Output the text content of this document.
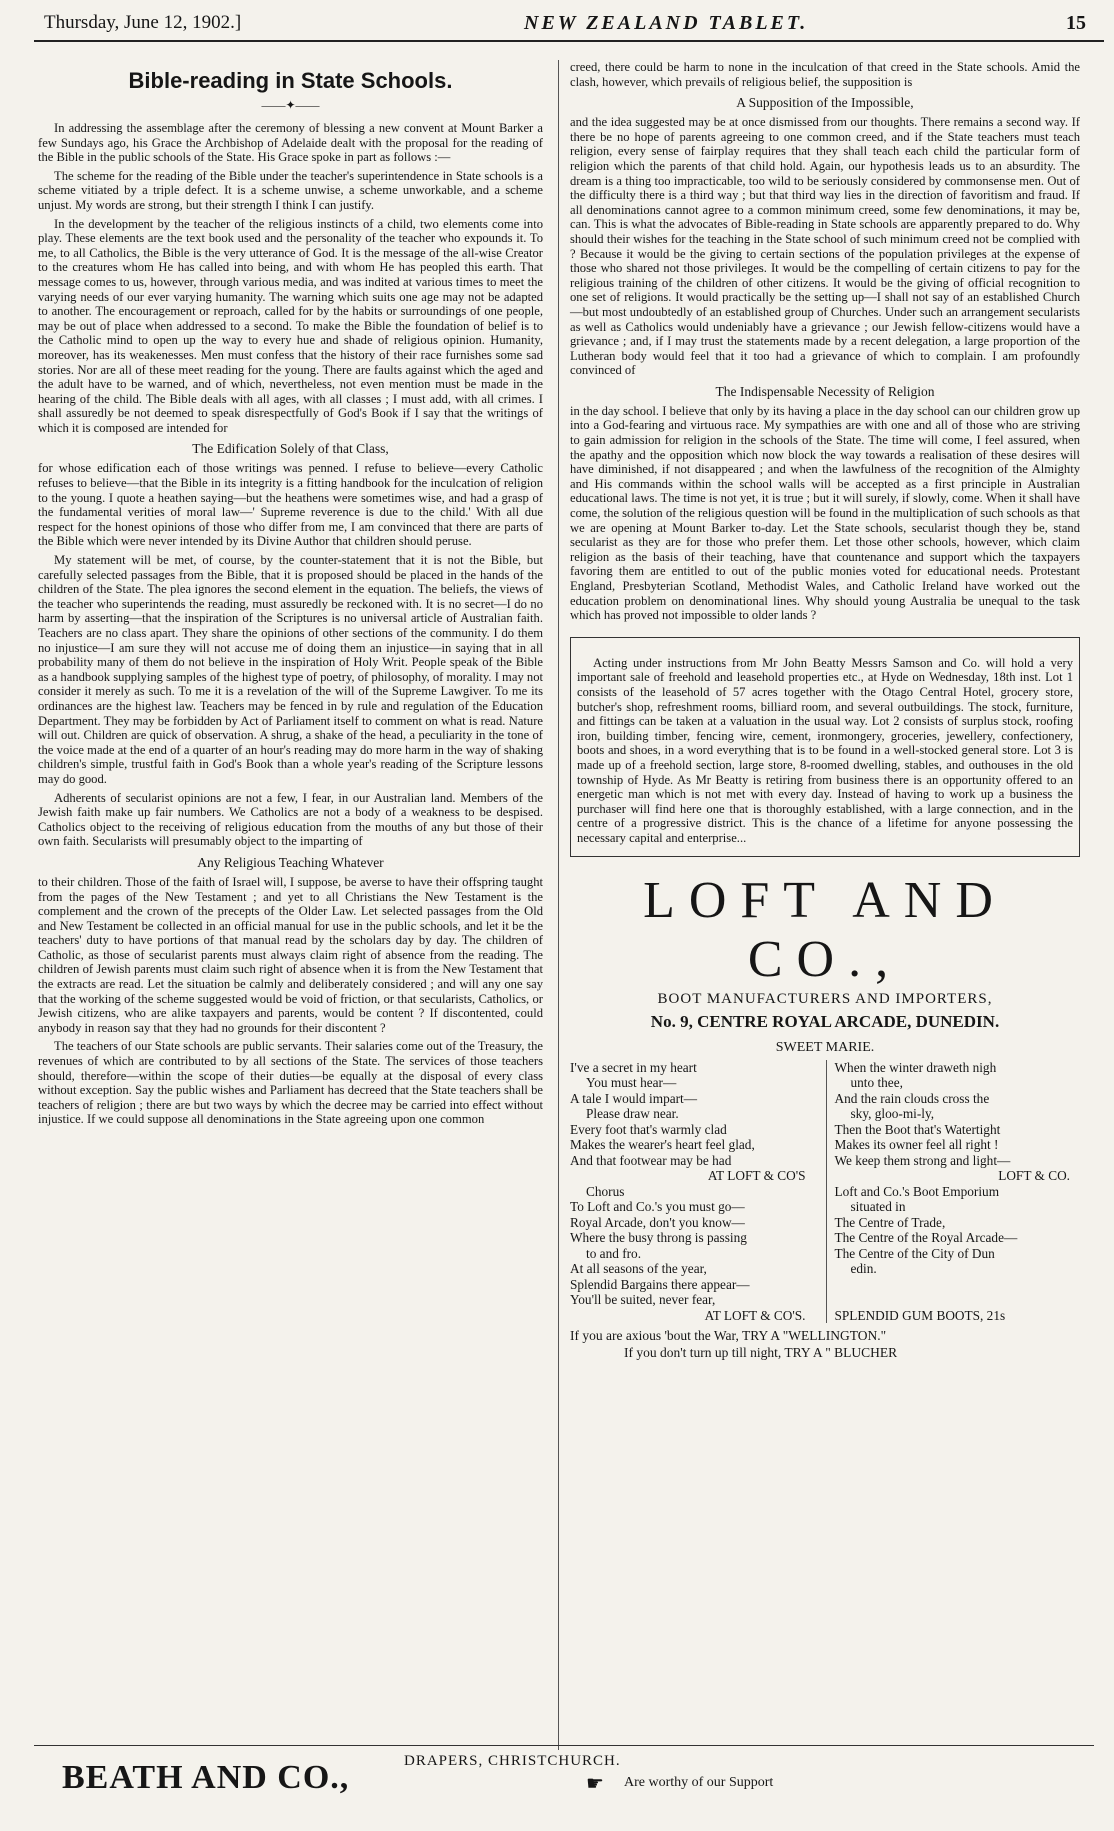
Thursday, June 12, 1902.]	NEW ZEALAND TABLET.	15
Bible-reading in State Schools.
——✦——

In addressing the assemblage after the ceremony of blessing a new convent at Mount Barker a few Sundays ago, his Grace the Archbishop of Adelaide dealt with the proposal for the reading of the Bible in the public schools of the State. His Grace spoke in part as follows :—

The scheme for the reading of the Bible under the teacher's superintendence in State schools is a scheme vitiated by a triple defect. It is a scheme unwise, a scheme unworkable, and a scheme unjust. My words are strong, but their strength I think I can justify.

In the development by the teacher of the religious instincts of a child, two elements come into play. These elements are the text book used and the personality of the teacher who expounds it. To me, to all Catholics, the Bible is the very utterance of God. It is the message of the all-wise Creator to the creatures whom He has called into being, and with whom He has peopled this earth. That message comes to us, however, through various media, and was indited at various times to meet the varying needs of our ever varying humanity. The warning which suits one age may not be adapted to another. The encouragement or reproach, called for by the habits or surroundings of one people, may be out of place when addressed to a second. To make the Bible the foundation of belief is to the Catholic mind to open up the way to every hue and shade of religious opinion. Humanity, moreover, has its weakenesses. Men must confess that the history of their race furnishes some sad stories. Nor are all of these meet reading for the young. There are faults against which the aged and the adult have to be warned, and of which, nevertheless, not even mention must be made in the hearing of the child. The Bible deals with all ages, with all classes ; I must add, with all crimes. I shall assuredly be not deemed to speak disrespectfully of God's Book if I say that the writings of which it is composed are intended for

The Edification Solely of that Class,

for whose edification each of those writings was penned. I refuse to believe—every Catholic refuses to believe—that the Bible in its integrity is a fitting handbook for the inculcation of religion to the young. I quote a heathen saying—but the heathens were sometimes wise, and had a grasp of the fundamental verities of moral law—' Supreme reverence is due to the child.' With all due respect for the honest opinions of those who differ from me, I am convinced that there are parts of the Bible which were never intended by its Divine Author that children should peruse.

My statement will be met, of course, by the counter-statement that it is not the Bible, but carefully selected passages from the Bible, that it is proposed should be placed in the hands of the children of the State. The plea ignores the second element in the equation. The beliefs, the views of the teacher who superintends the reading, must assuredly be reckoned with. It is no secret—I do no harm by asserting—that the inspiration of the Scriptures is no universal article of Australian faith. Teachers are no class apart. They share the opinions of other sections of the community. I do them no injustice—I am sure they will not accuse me of doing them an injustice—in saying that in all probability many of them do not believe in the inspiration of Holy Writ. People speak of the Bible as a handbook supplying samples of the highest type of poetry, of philosophy, of morality. I may not consider it merely as such. To me it is a revelation of the will of the Supreme Lawgiver. To me its ordinances are the highest law. Teachers may be fenced in by rule and regulation of the Education Department. They may be forbidden by Act of Parliament itself to comment on what is read. Nature will out. Children are quick of observation. A shrug, a shake of the head, a peculiarity in the tone of the voice made at the end of a quarter of an hour's reading may do more harm in the way of shaking children's simple, trustful faith in God's Book than a whole year's reading of the Scripture lessons may do good.

Adherents of secularist opinions are not a few, I fear, in our Australian land. Members of the Jewish faith make up fair numbers. We Catholics are not a body of a weakness to be despised. Catholics object to the receiving of religious education from the mouths of any but those of their own faith. Secularists will presumably object to the imparting of

Any Religious Teaching Whatever

to their children. Those of the faith of Israel will, I suppose, be averse to have their offspring taught from the pages of the New Testament ; and yet to all Christians the New Testament is the complement and the crown of the precepts of the Older Law. Let selected passages from the Old and New Testament be collected in an official manual for use in the public schools, and let it be the teachers' duty to have portions of that manual read by the scholars day by day. The children of Catholic, as those of secularist parents must always claim right of absence from the reading. The children of Jewish parents must claim such right of absence when it is from the New Testament that the extracts are read. Let the situation be calmly and deliberately considered ; and will any one say that the working of the scheme suggested would be void of friction, or that secularists, Catholics, or Jewish citizens, who are alike taxpayers and parents, would be content ? If discontented, could anybody in reason say that they had no grounds for their discontent ?

The teachers of our State schools are public servants. Their salaries come out of the Treasury, the revenues of which are contributed to by all sections of the State. The services of those teachers should, therefore—within the scope of their duties—be equally at the disposal of every class without exception. Say the public wishes and Parliament has decreed that the State teachers shall be teachers of religion ; there are but two ways by which the decree may be carried into effect without injustice. If we could suppose all denominations in the State agreeing upon one common

creed, there could be harm to none in the inculcation of that creed in the State schools. Amid the clash, however, which prevails of religious belief, the supposition is

A Supposition of the Impossible,

and the idea suggested may be at once dismissed from our thoughts. There remains a second way. If there be no hope of parents agreeing to one common creed, and if the State teachers must teach religion, every sense of fairplay requires that they shall teach each child the particular form of religion which the parents of that child hold. Again, our hypothesis leads us to an absurdity. The dream is a thing too impracticable, too wild to be seriously considered by commonsense men. Out of the difficulty there is a third way ; but that third way lies in the direction of favoritism and fraud. If all denominations cannot agree to a common minimum creed, some few denominations, it may be, can. This is what the advocates of Bible-reading in State schools are apparently prepared to do. Why should their wishes for the teaching in the State school of such minimum creed not be complied with ? Because it would be the giving to certain sections of the population privileges at the expense of those who shared not those privileges. It would be the compelling of certain citizens to pay for the religious training of the children of other citizens. It would be the giving of official recognition to one set of religions. It would practically be the setting up—I shall not say of an established Church—but most undoubtedly of an established group of Churches. Under such an arrangement secularists as well as Catholics would undeniably have a grievance ; our Jewish fellow-citizens would have a grievance ; and, if I may trust the statements made by a recent delegation, a large proportion of the Lutheran body would feel that it too had a grievance of which to complain. I am profoundly convinced of

The Indispensable Necessity of Religion

in the day school. I believe that only by its having a place in the day school can our children grow up into a God-fearing and virtuous race. My sympathies are with one and all of those who are striving to gain admission for religion in the schools of the State. The time will come, I feel assured, when the apathy and the opposition which now block the way towards a realisation of these desires will have diminished, if not disappeared ; and when the lawfulness of the recognition of the Almighty and His commands within the school walls will be accepted as a first principle in Australian educational laws. The time is not yet, it is true ; but it will surely, if slowly, come. When it shall have come, the solution of the religious question will be found in the multiplication of such schools as that we are opening at Mount Barker to-day. Let the State schools, secularist though they be, stand secularist as they are for those who prefer them. Let those other schools, however, which claim religion as the basis of their teaching, have that countenance and support which the taxpayers favoring them are entitled to out of the public monies voted for educational needs. Protestant England, Presbyterian Scotland, Methodist Wales, and Catholic Ireland have worked out the education problem on denominational lines. Why should young Australia be unequal to the task which has proved not impossible to older lands ?

Acting under instructions from Mr John Beatty Messrs Samson and Co. will hold a very important sale of freehold and leasehold properties etc., at Hyde on Wednesday, 18th inst. Lot 1 consists of the leasehold of 57 acres together with the Otago Central Hotel, grocery store, butcher's shop, refreshment rooms, billiard room, and several outbuildings. The stock, furniture, and fittings can be taken at a valuation in the usual way. Lot 2 consists of surplus stock, roofing iron, building timber, fencing wire, cement, ironmongery, groceries, jewellery, confectionery, boots and shoes, in a word everything that is to be found in a well-stocked general store. Lot 3 is made up of a freehold section, large store, 8-roomed dwelling, stables, and outhouses in the old township of Hyde. As Mr Beatty is retiring from business there is an opportunity offered to an energetic man which is not met with every day. Instead of having to work up a business the purchaser will find here one that is thoroughly established, with a large connection, and in the centre of a progressive district. This is the chance of a lifetime for anyone possessing the necessary capital and enterprise...

LOFT AND CO.,
BOOT MANUFACTURERS AND IMPORTERS,
No. 9, CENTRE ROYAL ARCADE, DUNEDIN.
SWEET MARIE.
I've a secret in my heart
You must hear—
A tale I would impart—
Please draw near.
Every foot that's warmly clad
Makes the wearer's heart feel glad,
And that footwear may be had
AT LOFT & CO'S
Chorus
To Loft and Co.'s you must go—
Royal Arcade, don't you know—
Where the busy throng is passing
to and fro.
At all seasons of the year,
Splendid Bargains there appear—
You'll be suited, never fear,
AT LOFT & CO'S.
When the winter draweth nigh
unto thee,
And the rain clouds cross the
sky, gloo-mi-ly,
Then the Boot that's Watertight
Makes its owner feel all right !
We keep them strong and light—
LOFT & CO.
Loft and Co.'s Boot Emporium
situated in
The Centre of Trade,
The Centre of the Royal Arcade—
The Centre of the City of Dun
edin.

SPLENDID GUM BOOTS, 21s
If you are axious 'bout the War, TRY A "WELLINGTON."
If you don't turn up till night, TRY A " BLUCHER
BEATH AND CO.,	DRAPERS, CHRISTCHURCH.
☛ Are worthy of our Support
